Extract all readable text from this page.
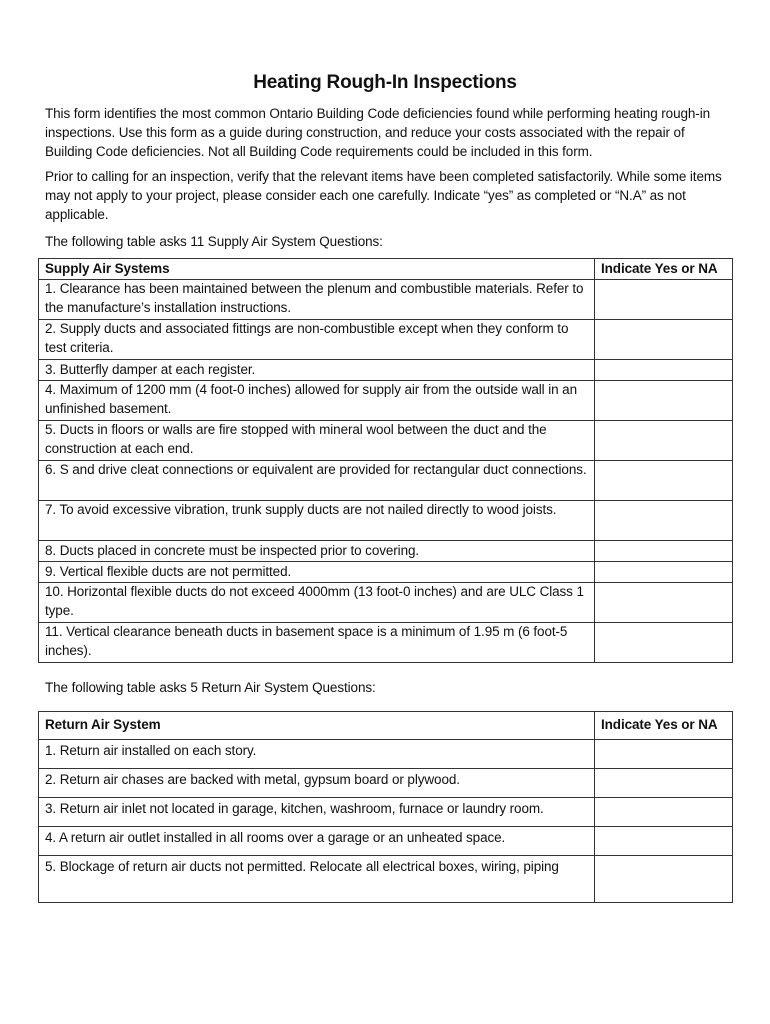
Heating Rough-In Inspections
This form identifies the most common Ontario Building Code deficiencies found while performing heating rough-in inspections. Use this form as a guide during construction, and reduce your costs associated with the repair of Building Code deficiencies. Not all Building Code requirements could be included in this form.
Prior to calling for an inspection, verify that the relevant items have been completed satisfactorily. While some items may not apply to your project, please consider each one carefully. Indicate “yes” as completed or “N.A” as not applicable.
The following table asks 11 Supply Air System Questions:
Supply Air Systems	Indicate Yes or NA
1. Clearance has been maintained between the plenum and combustible materials. Refer to the manufacture’s installation instructions.	
2. Supply ducts and associated fittings are non-combustible except when they conform to test criteria.	
3. Butterfly damper at each register.	
4. Maximum of 1200 mm (4 foot-0 inches) allowed for supply air from the outside wall in an unfinished basement.	
5. Ducts in floors or walls are fire stopped with mineral wool between the duct and the construction at each end.	
6. S and drive cleat connections or equivalent are provided for rectangular duct connections.	
7. To avoid excessive vibration, trunk supply ducts are not nailed directly to wood joists.	
8. Ducts placed in concrete must be inspected prior to covering.	
9. Vertical flexible ducts are not permitted.	
10. Horizontal flexible ducts do not exceed 4000mm (13 foot-0 inches) and are ULC Class 1 type.	
11. Vertical clearance beneath ducts in basement space is a minimum of 1.95 m (6 foot-5 inches).	
The following table asks 5 Return Air System Questions:
Return Air System	Indicate Yes or NA
1. Return air installed on each story.	
2. Return air chases are backed with metal, gypsum board or plywood.	
3. Return air inlet not located in garage, kitchen, washroom, furnace or laundry room.	
4. A return air outlet installed in all rooms over a garage or an unheated space.	
5. Blockage of return air ducts not permitted. Relocate all electrical boxes, wiring, piping	
